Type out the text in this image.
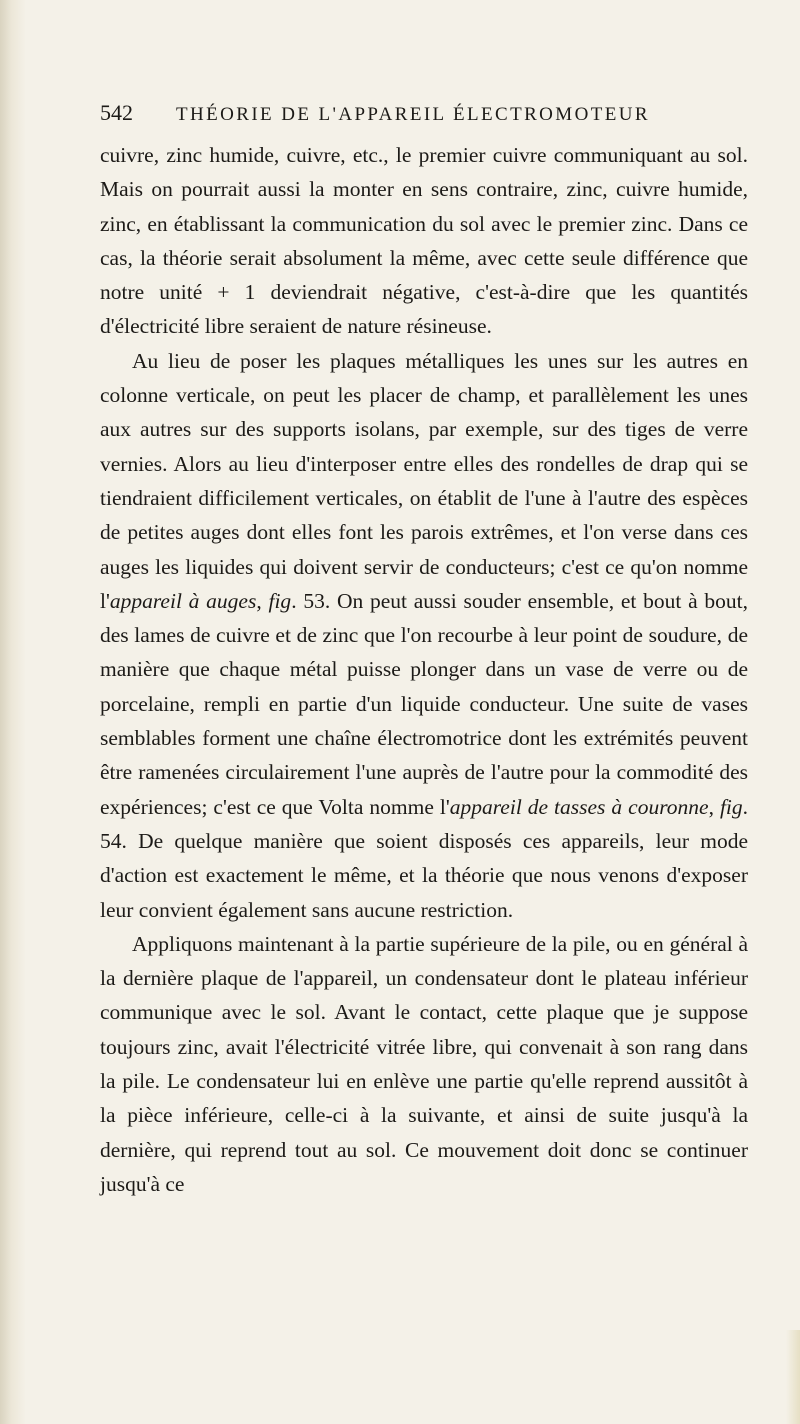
542	THÉORIE DE L'APPAREIL ÉLECTROMOTEUR

cuivre, zinc humide, cuivre, etc., le premier cuivre communiquant au sol. Mais on pourrait aussi la monter en sens contraire, zinc, cuivre humide, zinc, en établissant la communication du sol avec le premier zinc. Dans ce cas, la théorie serait absolument la même, avec cette seule différence que notre unité + 1 deviendrait négative, c'est-à-dire que les quantités d'électricité libre seraient de nature résineuse.

Au lieu de poser les plaques métalliques les unes sur les autres en colonne verticale, on peut les placer de champ, et parallèlement les unes aux autres sur des supports isolans, par exemple, sur des tiges de verre vernies. Alors au lieu d'interposer entre elles des rondelles de drap qui se tiendraient difficilement verticales, on établit de l'une à l'autre des espèces de petites auges dont elles font les parois extrêmes, et l'on verse dans ces auges les liquides qui doivent servir de conducteurs; c'est ce qu'on nomme l'appareil à auges, fig. 53. On peut aussi souder ensemble, et bout à bout, des lames de cuivre et de zinc que l'on recourbe à leur point de soudure, de manière que chaque métal puisse plonger dans un vase de verre ou de porcelaine, rempli en partie d'un liquide conducteur. Une suite de vases semblables forment une chaîne électromotrice dont les extrémités peuvent être ramenées circulairement l'une auprès de l'autre pour la commodité des expériences; c'est ce que Volta nomme l'appareil de tasses à couronne, fig. 54. De quelque manière que soient disposés ces appareils, leur mode d'action est exactement le même, et la théorie que nous venons d'exposer leur convient également sans aucune restriction.

Appliquons maintenant à la partie supérieure de la pile, ou en général à la dernière plaque de l'appareil, un condensateur dont le plateau inférieur communique avec le sol. Avant le contact, cette plaque que je suppose toujours zinc, avait l'électricité vitrée libre, qui convenait à son rang dans la pile. Le condensateur lui en enlève une partie qu'elle reprend aussitôt à la pièce inférieure, celle-ci à la suivante, et ainsi de suite jusqu'à la dernière, qui reprend tout au sol. Ce mouvement doit donc se continuer jusqu'à ce
